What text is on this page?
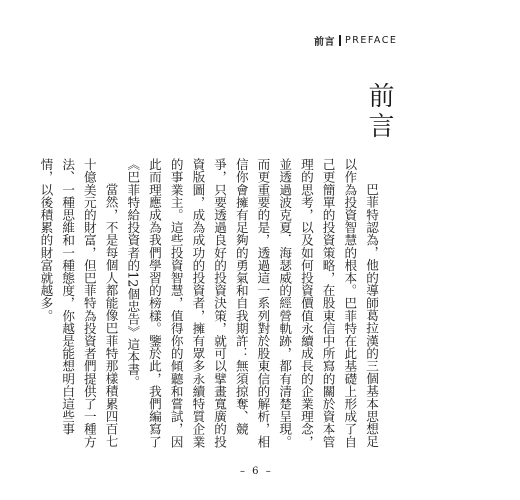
前言 PREFACE
前言

巴菲特認為，他的導師葛拉漢的三個基本思想足以作為投資智慧的根本。巴菲特在此基礎上形成了自己更簡單的投資策略，在股東信中所寫的關於資本管理的思考，以及如何投資價值永續成長的企業理念，並透過波克夏．海瑟威的經營軌跡，都有清楚呈現。而更重要的是，透過這一系列對於股東信的解析，相信你會擁有足夠的勇氣和自我期許：無須掠奪、競爭，只要透過良好的投資決策，就可以擘畫寬廣的投資版圖，成為成功的投資者，擁有眾多永續特質企業的事業主。這些投資智慧，值得你的傾聽和嘗試，因此而理應成為我們學習的榜樣。鑒於此，我們編寫了《巴菲特給投資者的12個忠告》這本書。

當然，不是每個人都能像巴菲特那樣積累四百七十億美元的財富，但巴菲特為投資者們提供了一種方法、一種思維和一種態度，你越是能想明白這些事情，以後積累的財富就越多。

– 6 –
